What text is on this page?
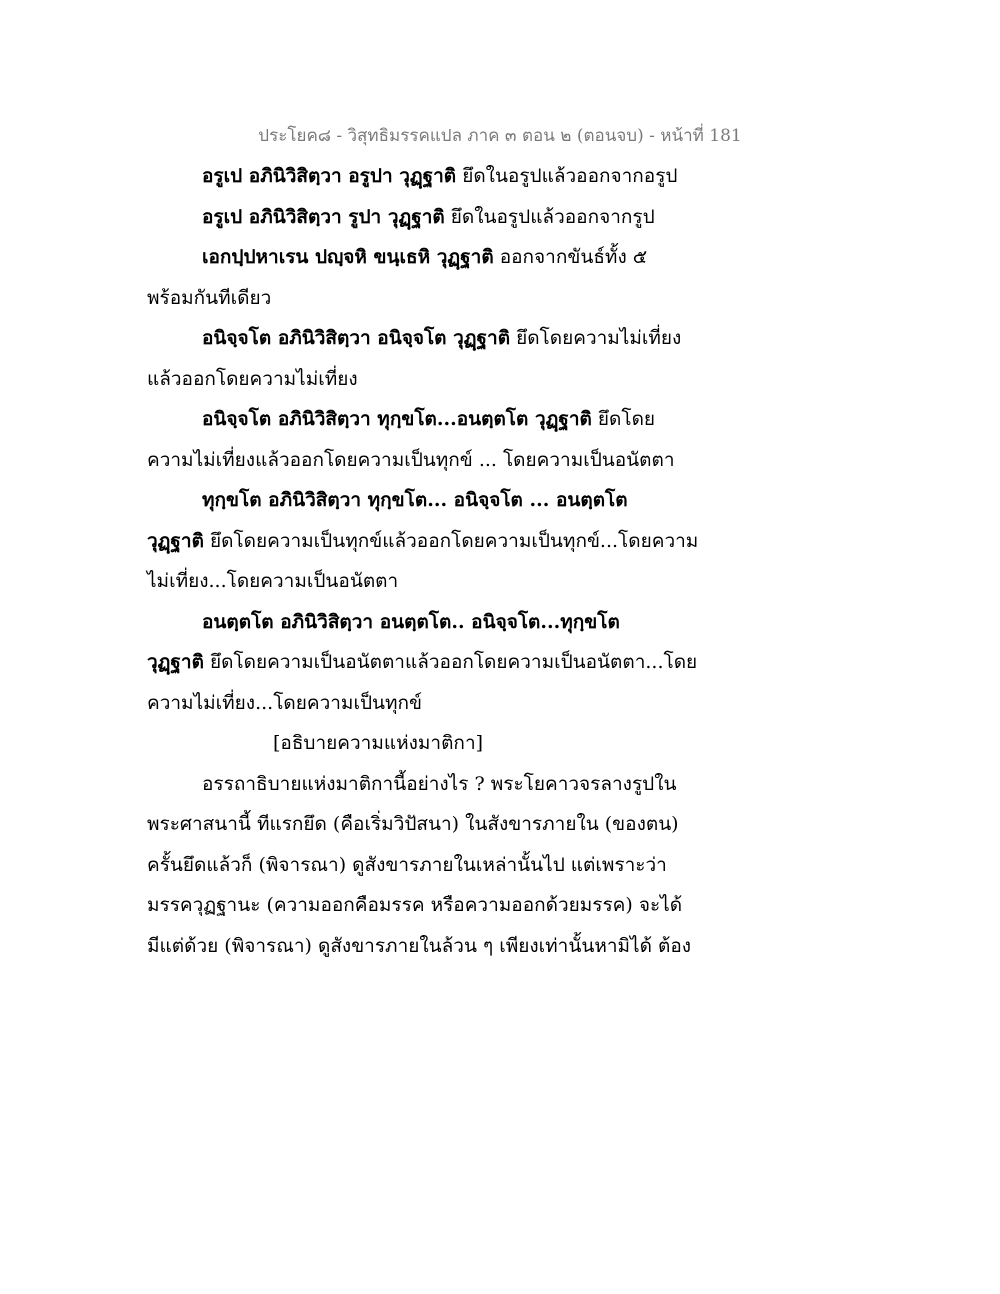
ประโยค๘ - วิสุทธิมรรคแปล ภาค ๓ ตอน ๒ (ตอนจบ) - หน้าที่ 181
อรูเป อภินิวิสิตฺวา อรูปา วุฏฺฐาติ ยึดในอรูปแล้วออกจากอรูป
อรูเป อภินิวิสิตฺวา รูปา วุฏฺฐาติ ยึดในอรูปแล้วออกจากรูป
เอกปฺปหาเรน ปญฺจหิ ขนฺเธหิ วุฏฺฐาติ ออกจากขันธ์ทั้ง ๕
พร้อมกันทีเดียว
อนิจฺจโต อภินิวิสิตฺวา อนิจฺจโต วุฏฺฐาติ ยึดโดยความไม่เที่ยง
แล้วออกโดยความไม่เที่ยง
อนิจฺจโต อภินิวิสิตฺวา ทุกฺขโต...อนตฺตโต วุฏฺฐาติ ยึดโดย
ความไม่เที่ยงแล้วออกโดยความเป็นทุกข์ ... โดยความเป็นอนัตตา
ทุกฺขโต อภินิวิสิตฺวา ทุกฺขโต... อนิจฺจโต ... อนตฺตโต
วุฏฺฐาติ ยึดโดยความเป็นทุกข์แล้วออกโดยความเป็นทุกข์...โดยความ
ไม่เที่ยง...โดยความเป็นอนัตตา
อนตฺตโต อภินิวิสิตฺวา อนตฺตโต.. อนิจฺจโต...ทุกฺขโต
วุฏฺฐาติ ยึดโดยความเป็นอนัตตาแล้วออกโดยความเป็นอนัตตา...โดย
ความไม่เที่ยง...โดยความเป็นทุกข์
[อธิบายความแห่งมาติกา]
อรรถาธิบายแห่งมาติกานี้อย่างไร ? พระโยคาวจรลางรูปใน
พระศาสนานี้ ทีแรกยึด (คือเริ่มวิปัสนา) ในสังขารภายใน (ของตน)
ครั้นยึดแล้วก็ (พิจารณา) ดูสังขารภายในเหล่านั้นไป แต่เพราะว่า
มรรควุฏฐานะ (ความออกคือมรรค หรือความออกด้วยมรรค) จะได้
มีแต่ด้วย (พิจารณา) ดูสังขารภายในล้วน ๆ เพียงเท่านั้นหามิได้ ต้อง
